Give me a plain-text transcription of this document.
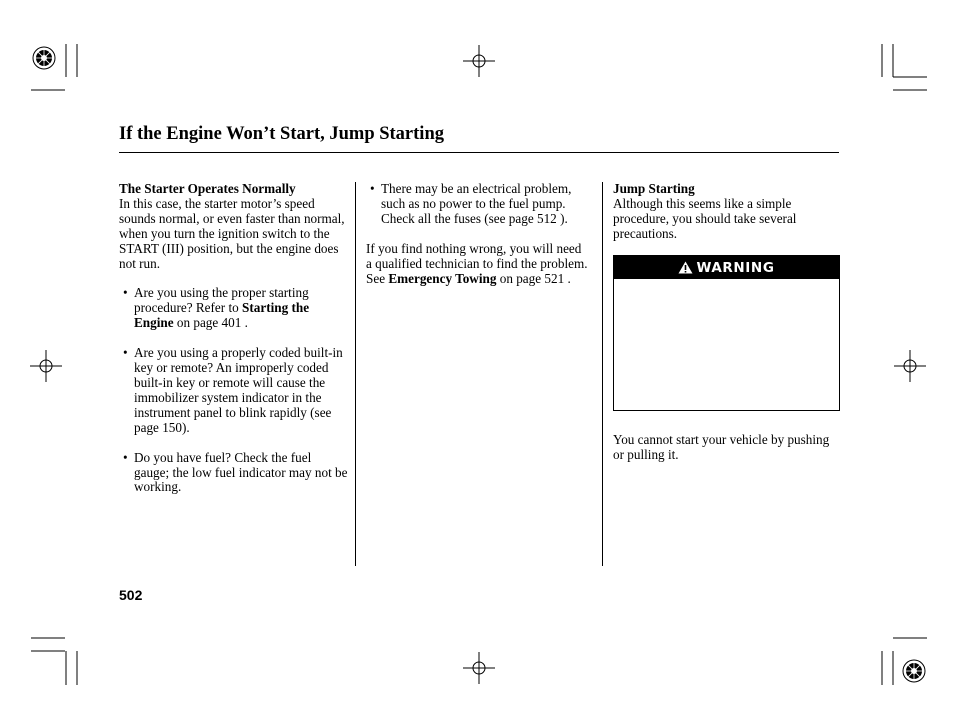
If the Engine Won’t Start, Jump Starting

The Starter Operates Normally

In this case, the starter motor’s speed sounds normal, or even faster than normal, when you turn the ignition switch to the START (III) position, but the engine does not run.

• Are you using the proper starting procedure? Refer to Starting the Engine on page 401 .
• Are you using a properly coded built-in key or remote? An improperly coded built-in key or remote will cause the immobilizer system indicator in the instrument panel to blink rapidly (see page 150).
• Do you have fuel? Check the fuel gauge; the low fuel indicator may not be working.
• There may be an electrical problem, such as no power to the fuel pump. Check all the fuses (see page 512 ).

If you find nothing wrong, you will need a qualified technician to find the problem. See Emergency Towing on page 521 .

Jump Starting

Although this seems like a simple procedure, you should take several precautions.

WARNING

You cannot start your vehicle by pushing or pulling it.

502
